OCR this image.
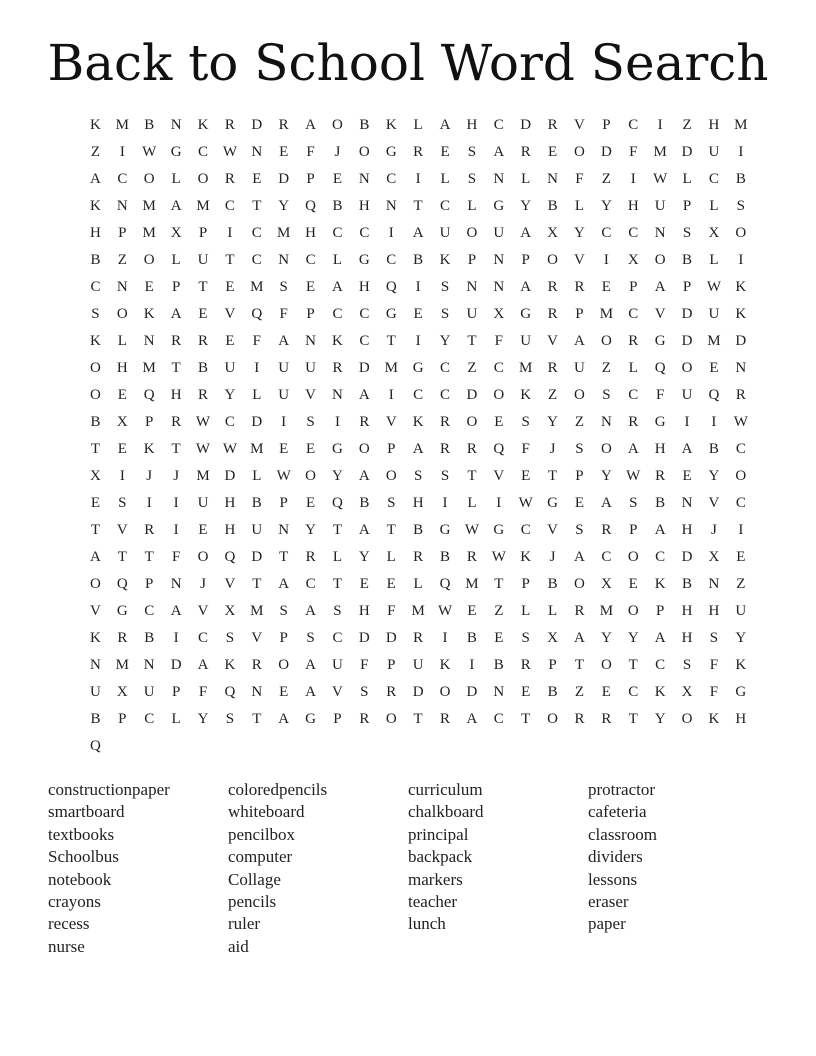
Back to School Word Search
K M	B	N	K	R	D	R	A	O	B	K	L	A	H	C	D	R	V	P	C	I	Z	H M
Z	I	W G	C W N	E	F	J	O	G	R	E	S	A	R	E	O	D	F	M D	U	I
A	C	O	L	O	R	E	D	P	E	N	C	I	L	S	N	L	N	F	Z	I	W	L	C	B
K	N M A M	C	T	Y	Q	B	H	N	T	C	L	G	Y	B	L	Y	H	U	P	L	S
H	P	M X	P	I	C	M H	C	C	I	A	U	O	U	A	X	Y	C	C	N	S	X	O
B	Z	O	L	U	T	C	N	C	L	G	C	B	K	P	N	P	O	V	I	X	O	B	L	I
C	N	E	P	T	E	M	S	E	A	H	Q	I	S	N	N	A	R	R	E	P	A	P	W K
S	O	K	A	E	V	Q	F	P	C	C	G	E	S	U	X	G	R	P	M	C	V	D	U	K
K	L	N	R	R	E	F	A	N	K	C	T	I	Y	T	F	U	V	A	O	R	G	D M D
O	H M	T	B	U	I	U	U	R	D M G	C	Z	C	M	R	U	Z	L	Q	O	E	N
O	E	Q	H	R	Y	L	U	V	N	A	I	C	C	D	O	K	Z	O	S	C	F	U	Q	R
B	X	P	R W C	D	I	S	I	R	V	K	R	O	E	S	Y	Z	N	R	G	I	I	W
T	E	K	T	W W M	E	E	G	O	P	A	R	R	Q	F	J	S	O	A	H	A	B	C
X	I	J	J	M D	L	W O	Y	A	O	S	S	T	V	E	T	P	Y W R	E	Y	O
E	S	I	I	U	H	B	P	E	Q	B	S	H	I	L	I	W G	E	A	S	B	N	V	C
T	V	R	I	E	H	U	N	Y	T	A	T	B	G W G	C	V	S	R	P	A	H	J	I
A	T	T	F	O	Q	D	T	R	L	Y	L	R	B	R W K	J	A	C	O	C	D	X	E
O	Q	P	N	J	V	T	A	C	T	E	E	L	Q M	T	P	B	O	X	E	K	B	N	Z
V	G	C	A	V	X M	S	A	S	H	F	M W	E	Z	L	L	R	M O	P	H	H	U
K	R	B	I	C	S	V	P	S	C	D	D	R	I	B	E	S	X	A	Y	Y	A	H	S	Y
N M N	D	A	K	R	O	A	U	F	P	U	K	I	B	R	P	T	O	T	C	S	F	K
U	X	U	P	F	Q	N	E	A	V	S	R	D	O	D	N	E	B	Z	E	C	K	X	F	G
B	P	C	L	Y	S	T	A	G	P	R	O	T	R	A	C	T	O	R	R	T	Y	O	K	H
Q
constructionpaper
smartboard
textbooks
Schoolbus
notebook
crayons
recess
nurse
coloredpencils
whiteboard
pencilbox
computer
Collage
pencils
ruler
aid
curriculum
chalkboard
principal
backpack
markers
teacher
lunch
protractor
cafeteria
classroom
dividers
lessons
eraser
paper
